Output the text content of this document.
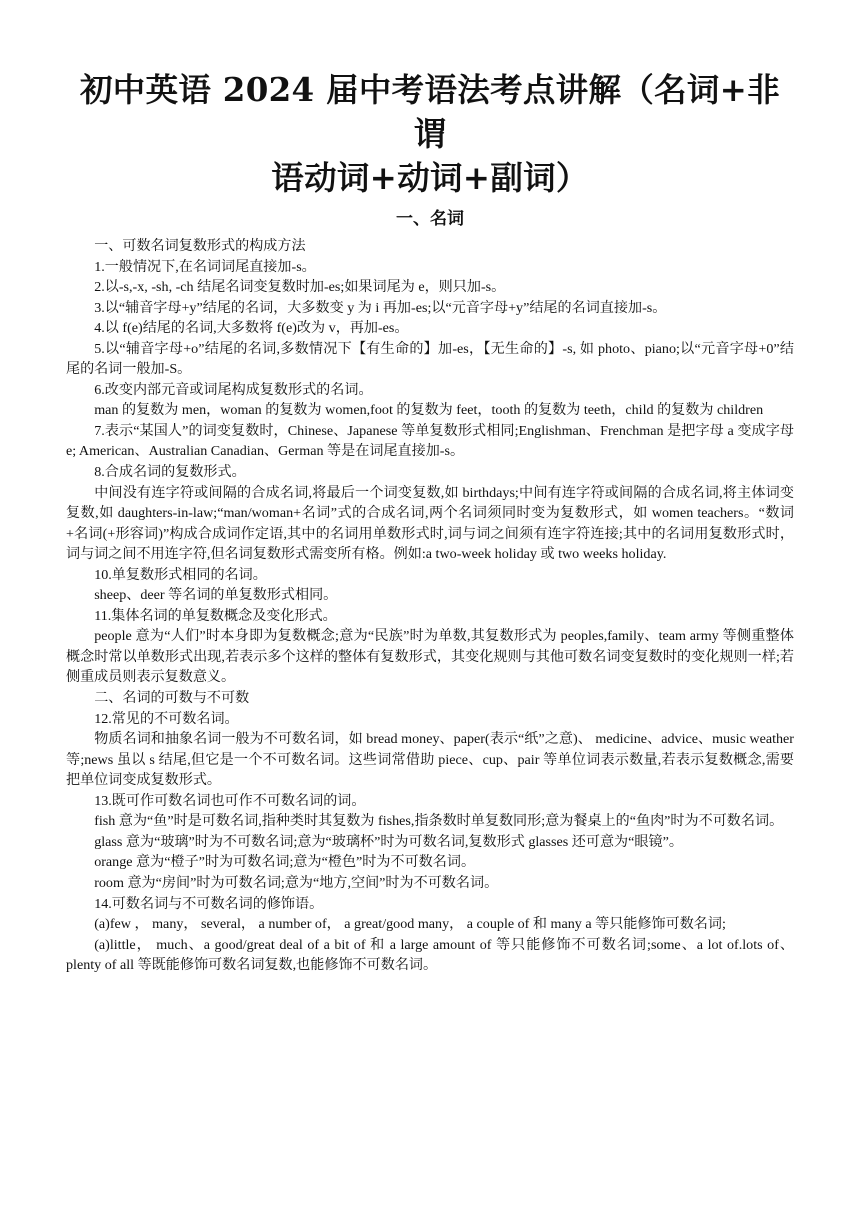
初中英语 2024 届中考语法考点讲解（名词+非谓
语动词+动词+副词）
一、名词

一、可数名词复数形式的构成方法

1.一般情况下,在名词词尾直接加-s。

2.以-s,-x, -sh, -ch 结尾名词变复数时加-es;如果词尾为 e，则只加-s。

3.以“辅音字母+y”结尾的名词，大多数变 y 为 i 再加-es;以“元音字母+y”结尾的名词直接加-s。

4.以 f(e)结尾的名词,大多数将 f(e)改为 v，再加-es。

5.以“辅音字母+o”结尾的名词,多数情况下【有生命的】加-es，【无生命的】-s, 如 photo、piano;以“元音字母+0”结尾的名词一般加-S。

6.改变内部元音或词尾构成复数形式的名词。

man 的复数为 men，woman 的复数为 women,foot 的复数为 feet，tooth 的复数为 teeth，child 的复数为 children

7.表示“某国人”的词变复数时，Chinese、Japanese 等单复数形式相同;Englishman、Frenchman 是把字母 a 变成字母 e; American、Australian Canadian、German 等是在词尾直接加-s。

8.合成名词的复数形式。

中间没有连字符或间隔的合成名词,将最后一个词变复数,如 birthdays;中间有连字符或间隔的合成名词,将主体词变复数,如 daughters-in-law;“man/woman+名词”式的合成名词,两个名词须同时变为复数形式，如 women teachers。“数词+名词(+形容词)”构成合成词作定语,其中的名词用单数形式时,词与词之间须有连字符连接;其中的名词用复数形式时，词与词之间不用连字符,但名词复数形式需变所有格。例如:a two-week holiday 或 two weeks holiday.

10.单复数形式相同的名词。

sheep、deer 等名词的单复数形式相同。

11.集体名词的单复数概念及变化形式。

people 意为“人们”时本身即为复数概念;意为“民族”时为单数,其复数形式为 peoples,family、team army 等侧重整体概念时常以单数形式出现,若表示多个这样的整体有复数形式，其变化规则与其他可数名词变复数时的变化规则一样;若侧重成员则表示复数意义。

二、名词的可数与不可数

12.常见的不可数名词。

物质名词和抽象名词一般为不可数名词，如 bread money、paper(表示“纸”之意)、 medicine、advice、music weather 等;news 虽以 s 结尾,但它是一个不可数名词。这些词常借助 piece、cup、pair 等单位词表示数量,若表示复数概念,需要把单位词变成复数形式。

13.既可作可数名词也可作不可数名词的词。

fish 意为“鱼”时是可数名词,指种类时其复数为 fishes,指条数时单复数同形;意为餐桌上的“鱼肉”时为不可数名词。

glass 意为“玻璃”时为不可数名词;意为“玻璃杯”时为可数名词,复数形式 glasses 还可意为“眼镜”。

orange 意为“橙子”时为可数名词;意为“橙色”时为不可数名词。

room 意为“房间”时为可数名词;意为“地方,空间”时为不可数名词。

14.可数名词与不可数名词的修饰语。

(a)few ， many， several， a number of， a great/good many， a couple of 和 many a 等只能修饰可数名词;

(a)little， much、a good/great deal of a bit of 和 a large amount of 等只能修饰不可数名词;some、a lot of.lots of、plenty of all 等既能修饰可数名词复数,也能修饰不可数名词。
